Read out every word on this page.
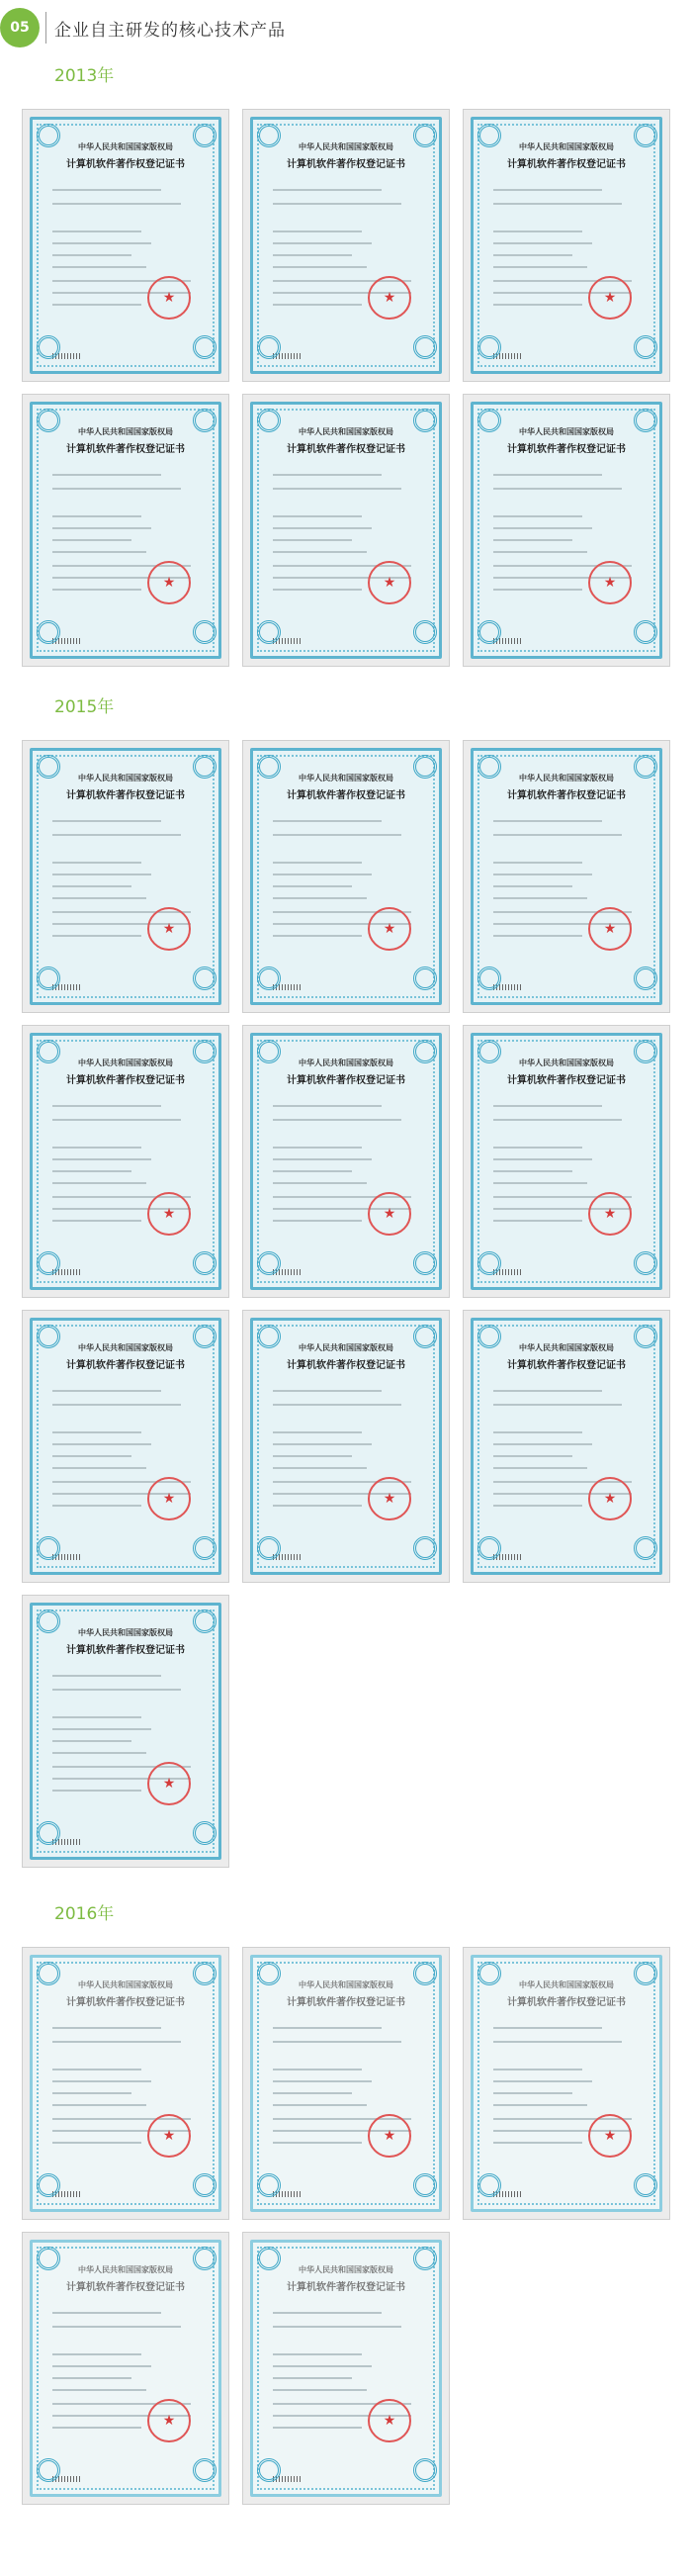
05	企业自主研发的核心技术产品
2013年
中华人民共和国国家版权局
计算机软件著作权登记证书
★
中华人民共和国国家版权局
计算机软件著作权登记证书
★
中华人民共和国国家版权局
计算机软件著作权登记证书
★
中华人民共和国国家版权局
计算机软件著作权登记证书
★
中华人民共和国国家版权局
计算机软件著作权登记证书
★
中华人民共和国国家版权局
计算机软件著作权登记证书
★
2015年
中华人民共和国国家版权局
计算机软件著作权登记证书
★
中华人民共和国国家版权局
计算机软件著作权登记证书
★
中华人民共和国国家版权局
计算机软件著作权登记证书
★
中华人民共和国国家版权局
计算机软件著作权登记证书
★
中华人民共和国国家版权局
计算机软件著作权登记证书
★
中华人民共和国国家版权局
计算机软件著作权登记证书
★
中华人民共和国国家版权局
计算机软件著作权登记证书
★
中华人民共和国国家版权局
计算机软件著作权登记证书
★
中华人民共和国国家版权局
计算机软件著作权登记证书
★
中华人民共和国国家版权局
计算机软件著作权登记证书
★
2016年
中华人民共和国国家版权局
计算机软件著作权登记证书
★
中华人民共和国国家版权局
计算机软件著作权登记证书
★
中华人民共和国国家版权局
计算机软件著作权登记证书
★
中华人民共和国国家版权局
计算机软件著作权登记证书
★
中华人民共和国国家版权局
计算机软件著作权登记证书
★
